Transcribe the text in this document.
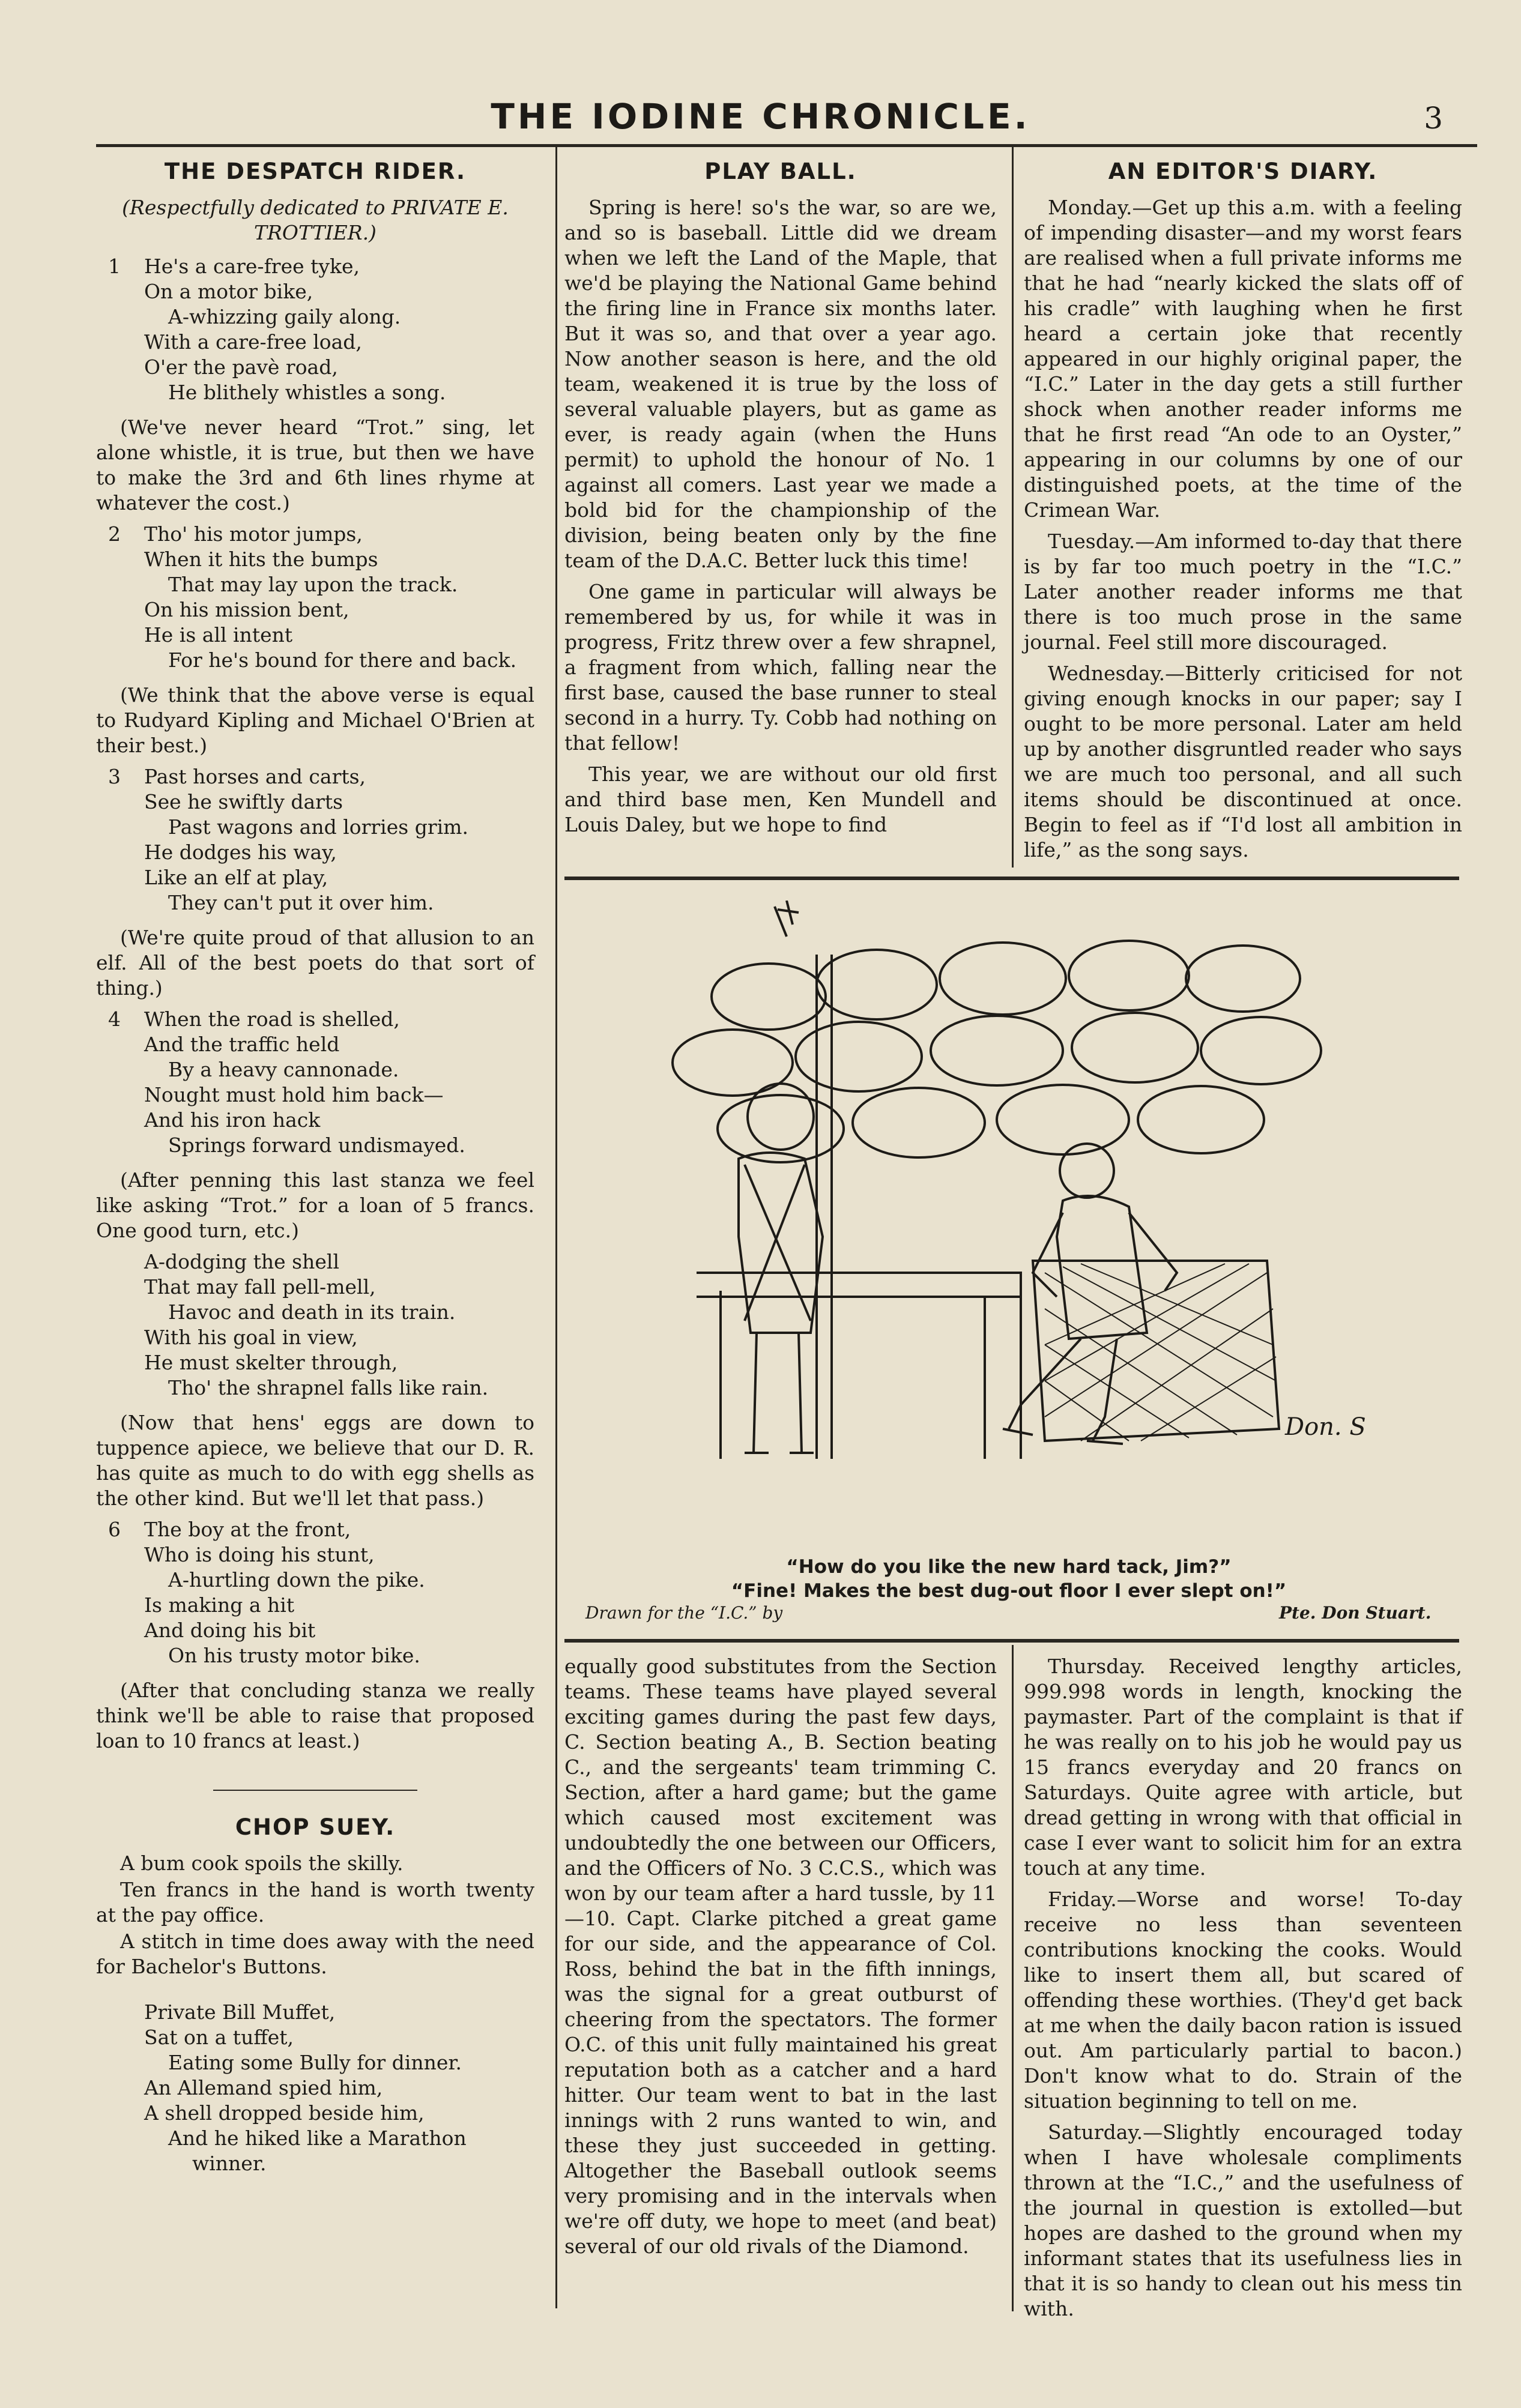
THE IODINE CHRONICLE.	3
THE DESPATCH RIDER.
(Respectfully dedicated to PRIVATE E. TROTTIER.)
1	He's a care-free tyke,
On a motor bike,
A-whizzing gaily along.
With a care-free load,
O'er the pavè road,
He blithely whistles a song.

(We've never heard “Trot.” sing, let alone whistle, it is true, but then we have to make the 3rd and 6th lines rhyme at whatever the cost.)

2	Tho' his motor jumps,
When it hits the bumps
That may lay upon the track.
On his mission bent,
He is all intent
For he's bound for there and back.

(We think that the above verse is equal to Rudyard Kipling and Michael O'Brien at their best.)

3	Past horses and carts,
See he swiftly darts
Past wagons and lorries grim.
He dodges his way,
Like an elf at play,
They can't put it over him.

(We're quite proud of that allusion to an elf. All of the best poets do that sort of thing.)

4	When the road is shelled,
And the traffic held
By a heavy cannonade.
Nought must hold him back—
And his iron hack
Springs forward undismayed.

(After penning this last stanza we feel like asking “Trot.” for a loan of 5 francs. One good turn, etc.)

A-dodging the shell
That may fall pell-mell,
Havoc and death in its train.
With his goal in view,
He must skelter through,
Tho' the shrapnel falls like rain.

(Now that hens' eggs are down to tuppence apiece, we believe that our D. R. has quite as much to do with egg shells as the other kind. But we'll let that pass.)

6	The boy at the front,
Who is doing his stunt,
A-hurtling down the pike.
Is making a hit
And doing his bit
On his trusty motor bike.

(After that concluding stanza we really think we'll be able to raise that proposed loan to 10 francs at least.)

CHOP SUEY.

A bum cook spoils the skilly.

Ten francs in the hand is worth twenty at the pay office.

A stitch in time does away with the need for Bachelor's Buttons.

Private Bill Muffet,
Sat on a tuffet,
Eating some Bully for dinner.
An Allemand spied him,
A shell dropped beside him,
And he hiked like a Marathon
winner.
PLAY BALL.

Spring is here! so's the war, so are we, and so is baseball. Little did we dream when we left the Land of the Maple, that we'd be playing the National Game behind the firing line in France six months later. But it was so, and that over a year ago. Now another season is here, and the old team, weakened it is true by the loss of several valuable players, but as game as ever, is ready again (when the Huns permit) to uphold the honour of No. 1 against all comers. Last year we made a bold bid for the championship of the division, being beaten only by the fine team of the D.A.C. Better luck this time!

One game in particular will always be remembered by us, for while it was in progress, Fritz threw over a few shrapnel, a fragment from which, falling near the first base, caused the base runner to steal second in a hurry. Ty. Cobb had nothing on that fellow!

This year, we are without our old first and third base men, Ken Mundell and Louis Daley, but we hope to find

AN EDITOR'S DIARY.

Monday.—Get up this a.m. with a feeling of impending disaster—and my worst fears are realised when a full private informs me that he had “nearly kicked the slats off of his cradle” with laughing when he first heard a certain joke that recently appeared in our highly original paper, the “I.C.” Later in the day gets a still further shock when another reader informs me that he first read “An ode to an Oyster,” appearing in our columns by one of our distinguished poets, at the time of the Crimean War.

Tuesday.—Am informed to-day that there is by far too much poetry in the “I.C.” Later another reader informs me that there is too much prose in the same journal. Feel still more discouraged.

Wednesday.—Bitterly criticised for not giving enough knocks in our paper; say I ought to be more personal. Later am held up by another disgruntled reader who says we are much too personal, and all such items should be discontinued at once. Begin to feel as if “I'd lost all ambition in life,” as the song says.

Don. S
“How do you like the new hard tack, Jim?”
“Fine! Makes the best dug-out floor I ever slept on!”
Drawn for the “I.C.” by	Pte. Don Stuart.

equally good substitutes from the Section teams. These teams have played several exciting games during the past few days, C. Section beating A., B. Section beating C., and the sergeants' team trimming C. Section, after a hard game; but the game which caused most excitement was undoubtedly the one between our Officers, and the Officers of No. 3 C.C.S., which was won by our team after a hard tussle, by 11—10. Capt. Clarke pitched a great game for our side, and the appearance of Col. Ross, behind the bat in the fifth innings, was the signal for a great outburst of cheering from the spectators. The former O.C. of this unit fully maintained his great reputation both as a catcher and a hard hitter. Our team went to bat in the last innings with 2 runs wanted to win, and these they just succeeded in getting. Altogether the Baseball outlook seems very promising and in the intervals when we're off duty, we hope to meet (and beat) several of our old rivals of the Diamond.

Thursday. Received lengthy articles, 999.998 words in length, knocking the paymaster. Part of the complaint is that if he was really on to his job he would pay us 15 francs everyday and 20 francs on Saturdays. Quite agree with article, but dread getting in wrong with that official in case I ever want to solicit him for an extra touch at any time.

Friday.—Worse and worse! To-day receive no less than seventeen contributions knocking the cooks. Would like to insert them all, but scared of offending these worthies. (They'd get back at me when the daily bacon ration is issued out. Am particularly partial to bacon.) Don't know what to do. Strain of the situation beginning to tell on me.

Saturday.—Slightly encouraged today when I have wholesale compliments thrown at the “I.C.,” and the usefulness of the journal in question is extolled—but hopes are dashed to the ground when my informant states that its usefulness lies in that it is so handy to clean out his mess tin with.
